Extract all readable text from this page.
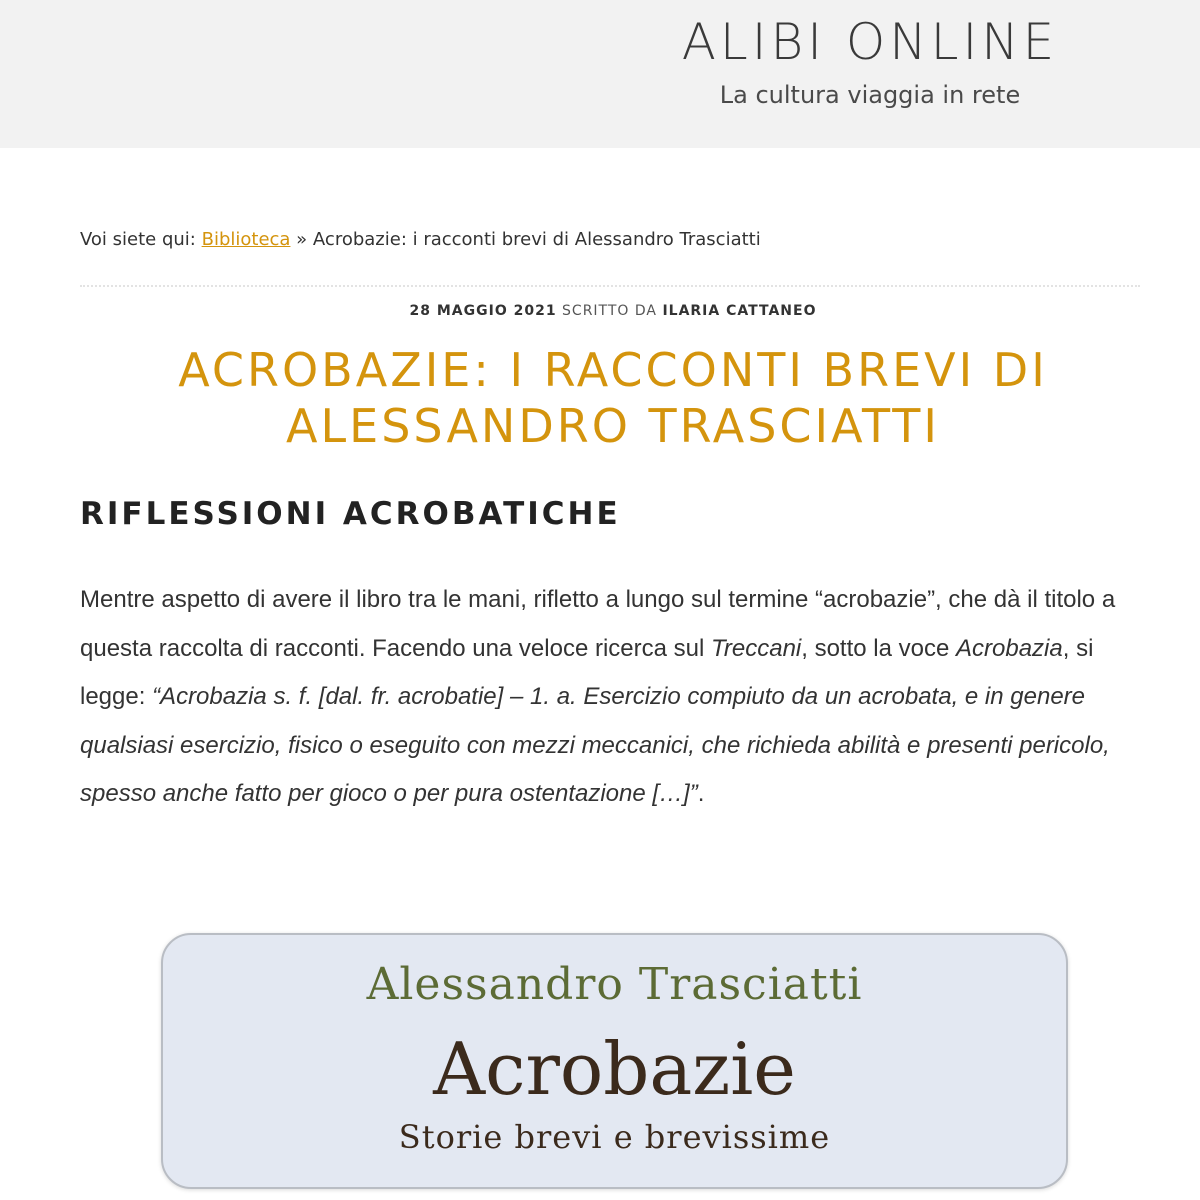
ALIBI ONLINE

La cultura viaggia in rete

Voi siete qui: Biblioteca » Acrobazie: i racconti brevi di Alessandro Trasciatti
28 MAGGIO 2021 SCRITTO DA ILARIA CATTANEO
ACROBAZIE: I RACCONTI BREVI DI ALESSANDRO TRASCIATTI
RIFLESSIONI ACROBATICHE

Mentre aspetto di avere il libro tra le mani, rifletto a lungo sul termine “acrobazie”, che dà il titolo a questa raccolta di racconti. Facendo una veloce ricerca sul Treccani, sotto la voce Acrobazia, si legge: “Acrobazia s. f. [dal. fr. acrobatie] – 1. a. Esercizio compiuto da un acrobata, e in genere qualsiasi esercizio, fisico o eseguito con mezzi meccanici, che richieda abilità e presenti pericolo, spesso anche fatto per gioco o per pura ostentazione […]”.

Alessandro Trasciatti
Acrobazie
Storie brevi e brevissime
